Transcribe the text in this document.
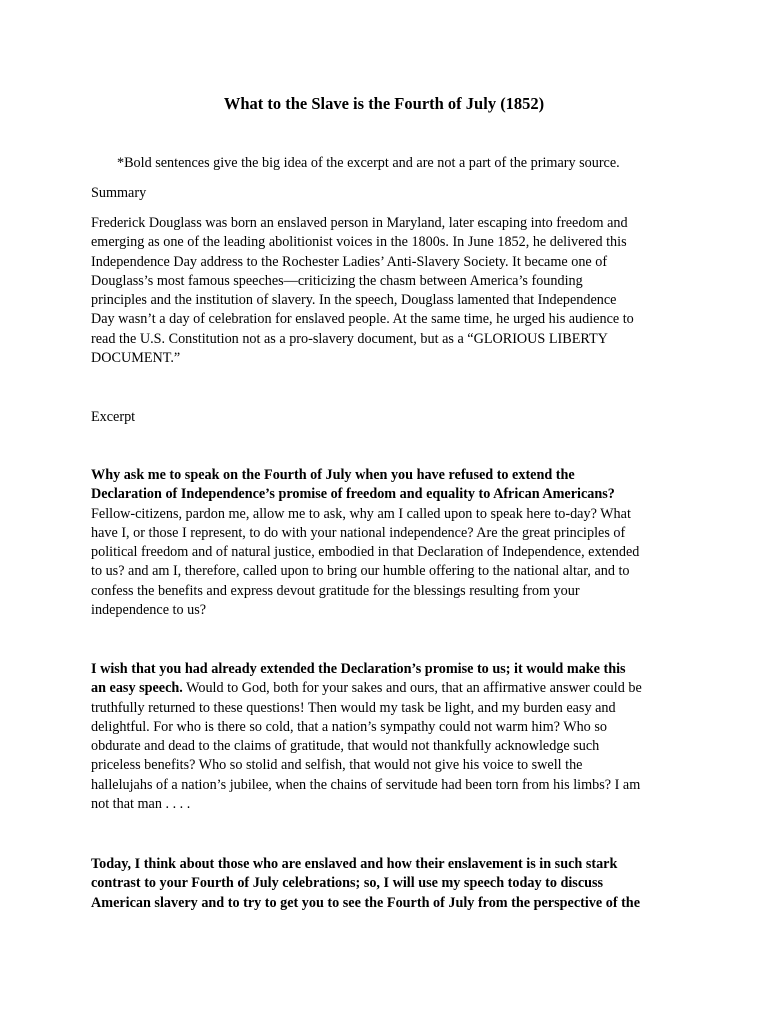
What to the Slave is the Fourth of July (1852)
*Bold sentences give the big idea of the excerpt and are not a part of the primary source.
Summary
Frederick Douglass was born an enslaved person in Maryland, later escaping into freedom and
emerging as one of the leading abolitionist voices in the 1800s. In June 1852, he delivered this
Independence Day address to the Rochester Ladies’ Anti-Slavery Society. It became one of
Douglass’s most famous speeches—criticizing the chasm between America’s founding
principles and the institution of slavery. In the speech, Douglass lamented that Independence
Day wasn’t a day of celebration for enslaved people. At the same time, he urged his audience to
read the U.S. Constitution not as a pro-slavery document, but as a “GLORIOUS LIBERTY
DOCUMENT.”
Excerpt
Why ask me to speak on the Fourth of July when you have refused to extend the
Declaration of Independence’s promise of freedom and equality to African Americans?
Fellow-citizens, pardon me, allow me to ask, why am I called upon to speak here to-day? What
have I, or those I represent, to do with your national independence? Are the great principles of
political freedom and of natural justice, embodied in that Declaration of Independence, extended
to us? and am I, therefore, called upon to bring our humble offering to the national altar, and to
confess the benefits and express devout gratitude for the blessings resulting from your
independence to us?
I wish that you had already extended the Declaration’s promise to us; it would make this
an easy speech. Would to God, both for your sakes and ours, that an affirmative answer could be
truthfully returned to these questions! Then would my task be light, and my burden easy and
delightful. For who is there so cold, that a nation’s sympathy could not warm him? Who so
obdurate and dead to the claims of gratitude, that would not thankfully acknowledge such
priceless benefits? Who so stolid and selfish, that would not give his voice to swell the
hallelujahs of a nation’s jubilee, when the chains of servitude had been torn from his limbs? I am
not that man . . . .
Today, I think about those who are enslaved and how their enslavement is in such stark
contrast to your Fourth of July celebrations; so, I will use my speech today to discuss
American slavery and to try to get you to see the Fourth of July from the perspective of the
